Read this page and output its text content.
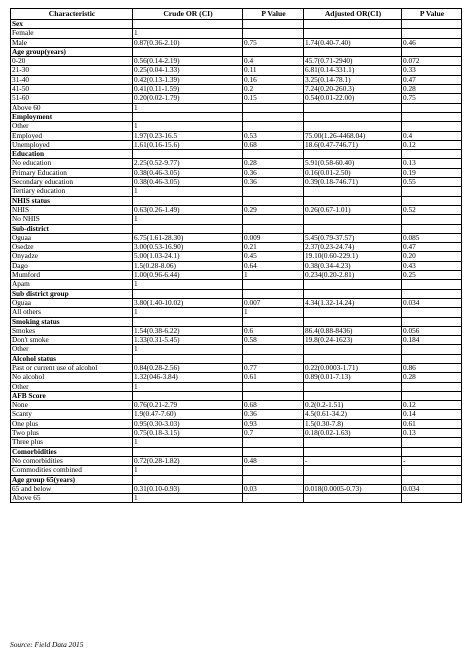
Characteristic	Crude OR (CI)	P Value	Adjusted OR(CI)	P Value
Sex				
Female	1			
Male	0.87(0.36-2.10)	0.75	1.74(0.40-7.40)	0.46
Age group(years)				
0-20	0.56(0.14-2.19)	0.4	45.7(0.71-2940)	0.072
21-30	0.25(0.04-1.33)	0.11	6.81(0.14-331.1)	0.33
31-40	0.42(0.13-1.39)	0.16	3.25(0.14-78.1)	0.47
41-50	0.41(0.11-1.59)	0.2	7.24(0.20-260.3)	0.28
51-60	0.20(0.02-1.79)	0.15	0.54(0.01-22.00)	0.75
Above 60	1			
Employment				
Other	1			
Employed	1.97(0.23-16.5	0.53	75.00(1.26-4468.04)	0.4
Unemployed	1.61(0.16-15.6)	0.68	18.6(0.47-746.71)	0.12
Education				
No education	2.25(0.52-9.77)	0.28	5.91(0.58-60.40)	0.13
Primary Education	0.38(0.46-3.05)	0.36	0.16(0.01-2.50)	0.19
Secondary education	0.38(0.46-3.05)	0.36	0.39(0.18-746.71)	0.55
Tertiary education	1			
NHIS status				
NHIS	0.63(0.26-1.49)	0.29	0.26(0.67-1.01)	0.52
No NHIS	1			
Sub-district				
Oguaa	6.75(1.61-28.30)	0.009	5.45(0.79-37.57)	0.085
Osedze	3.00(0.53-16.90)	0.21	2.37(0.23-24.74)	0.47
Onyadze	5.00(1.03-24.1)	0.45	19.10(0.60-229.1)	0.20
Dago	1.5(0.28-8.06)	0.64	0.38(0.34-4.23)	0.43
Mumford	1.00(0.96-6.44)	1	0.234(0.20-2.81)	0.25
Apam	1			
Sub district group				
Oguaa	3.80(1.40-10.02)	0.007	4.34(1.32-14.24)	0.034
All others	1	1		
Smoking status				
Smokes	1.54(0.38-6.22)	0.6	86.4(0.88-8436)	0.056
Don't smoke	1.33(0.31-5.45)	0.58	19.8(0.24-1623)	0.184
Other	1			
Alcohol status				
Past or current use of alcohol	0.84(0.28-2.56)	0.77	0.22(0.0003-1.71)	0.86
No alcohol	1.32(046-3.84)	0.61	0.89(0.01-7.13)	0.28
Other	1			
AFB Score				
None	0.76(0.21-2.79	0.68	0.2(0.2-1.51)	0.12
Scanty	1.9(0.47-7.60)	0.36	4.5(0.61-34.2)	0.14
One plus	0.95(0.30-3.03)	0.93	1.5(0.30-7.8)	0.61
Two plus	0.75(0.18-3.15)	0.7	0.18(0.02-1.63)	0.13
Three plus	1			
Comorbidities				
No comorbidities	0.72(0.28-1.82)	0.48	-	-
Commodities combined	1			
Age group 65(years)				
65 and below	0.31(0.10-0.93)	0.03	0.018(0.0005-0.73)	0.034
Above 65	1			
Source: Field Data 2015
